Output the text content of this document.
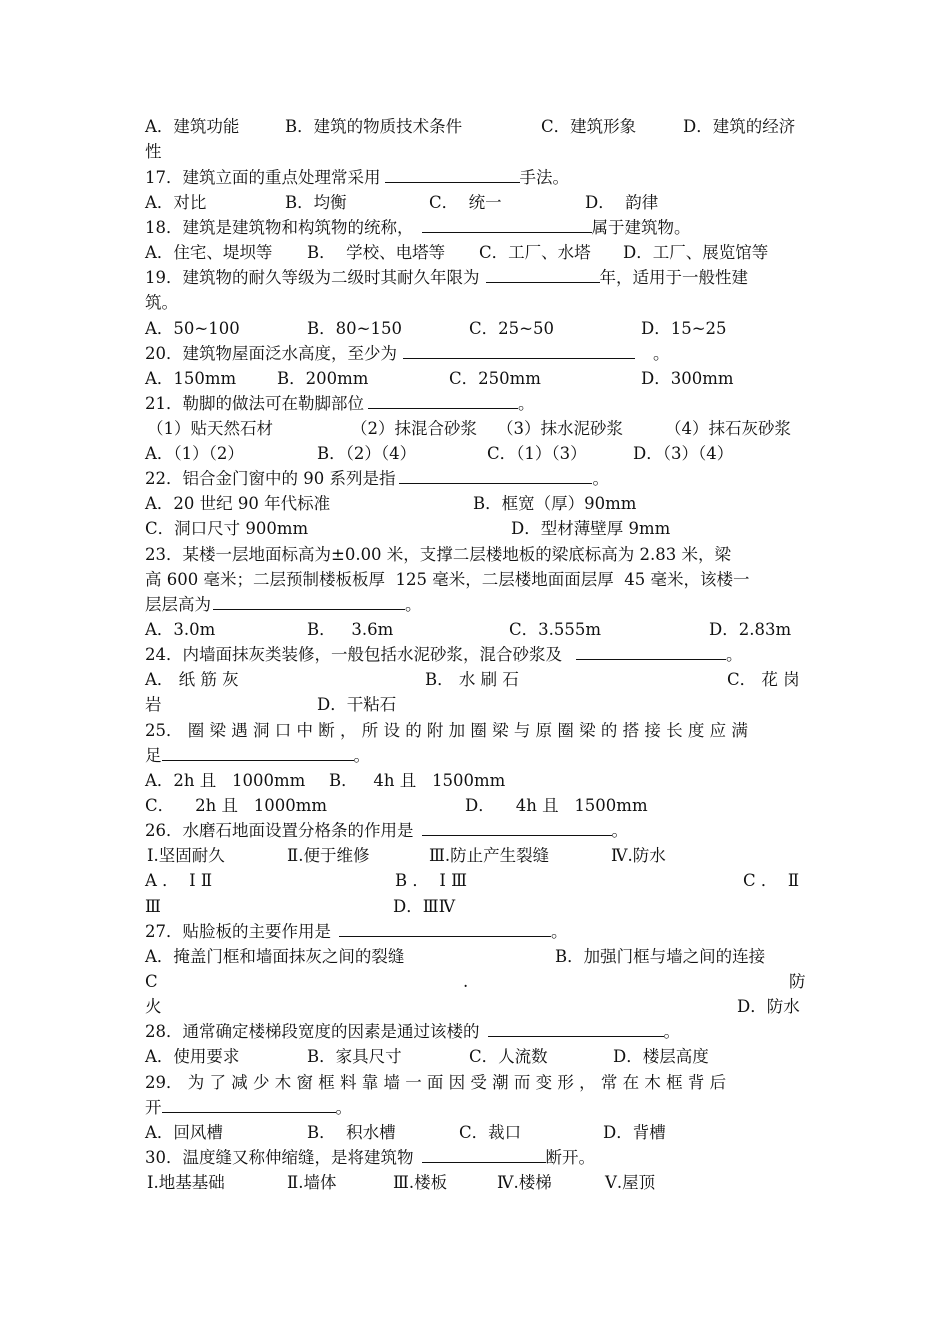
A．建筑功能	B．建筑的物质技术条件	C．建筑形象	D．建筑的经济
性
17．建筑立面的重点处理常采用	手法。
A．对比	B．均衡	C．  统一	D．  韵律
18．建筑是建筑物和构筑物的统称，	属于建筑物。
A．住宅、堤坝等 B．  学校、电塔等 C．工厂、水塔 D．工厂、展览馆等
19．建筑物的耐久等级为二级时其耐久年限为	年，适用于一般性建
筑。
A．50~100	B．80~150	C．25~50	D．15~25
20．建筑物屋面泛水高度，至少为	。
A．150mm B．200mm	C．250mm	D．300mm
21．勒脚的做法可在勒脚部位	。
（1）贴天然石材	（2）抹混合砂浆 （3）抹水泥砂浆	（4）抹石灰砂浆
A．（1）（2）	B．（2）（4）	C．（1）（3）	D．（3）（4）
22．铝合金门窗中的 90 系列是指	。
A．20 世纪 90 年代标准	B．框宽（厚）90mm
C．洞口尺寸 900mm	D．型材薄壁厚 9mm
23．某楼一层地面标高为±0.00 米，支撑二层楼地板的梁底标高为 2.83 米，梁
高 600 毫米；二层预制楼板板厚  125 毫米，二层楼地面面层厚  45 毫米，该楼一
层层高为	。
A．3.0m	B．   3.6m	C．3.555m	D．2.83m
24．内墙面抹灰类装修，一般包括水泥砂浆，混合砂浆及	。
A． 纸 筋 灰	B． 水 刷 石	C． 花 岗
岩	D．干粘石
25． 圈 梁 遇 洞 口 中 断 ， 所 设 的 附 加 圈 梁 与 原 圈 梁 的 搭 接 长 度 应 满
足	。
A．2h 且   1000mm B．   4h 且   1500mm
C．    2h 且   1000mm	D．    4h 且   1500mm
26．水磨石地面设置分格条的作用是	。
Ⅰ.坚固耐久	Ⅱ.便于维修	Ⅲ.防止产生裂缝	Ⅳ.防水
A ．  Ⅰ Ⅱ	B ．  Ⅰ Ⅲ	C ．  Ⅱ
Ⅲ	D．ⅢⅣ
27．贴脸板的主要作用是	。
A．掩盖门框和墙面抹灰之间的裂缝	B．加强门框与墙之间的连接
C	.	防
火	D．防水
28．通常确定楼梯段宽度的因素是通过该楼的	。
A．使用要求	B．家具尺寸	C．人流数	D．楼层高度
29． 为 了 减 少 木 窗 框 料 靠 墙 一 面 因 受 潮 而 变 形 ， 常 在 木 框 背 后
开	。
A．回风槽	B．  积水槽	C．裁口	D．背槽
30．温度缝又称伸缩缝，是将建筑物	断开。
Ⅰ.地基基础	Ⅱ.墙体	Ⅲ.楼板	Ⅳ.楼梯	Ⅴ.屋顶
